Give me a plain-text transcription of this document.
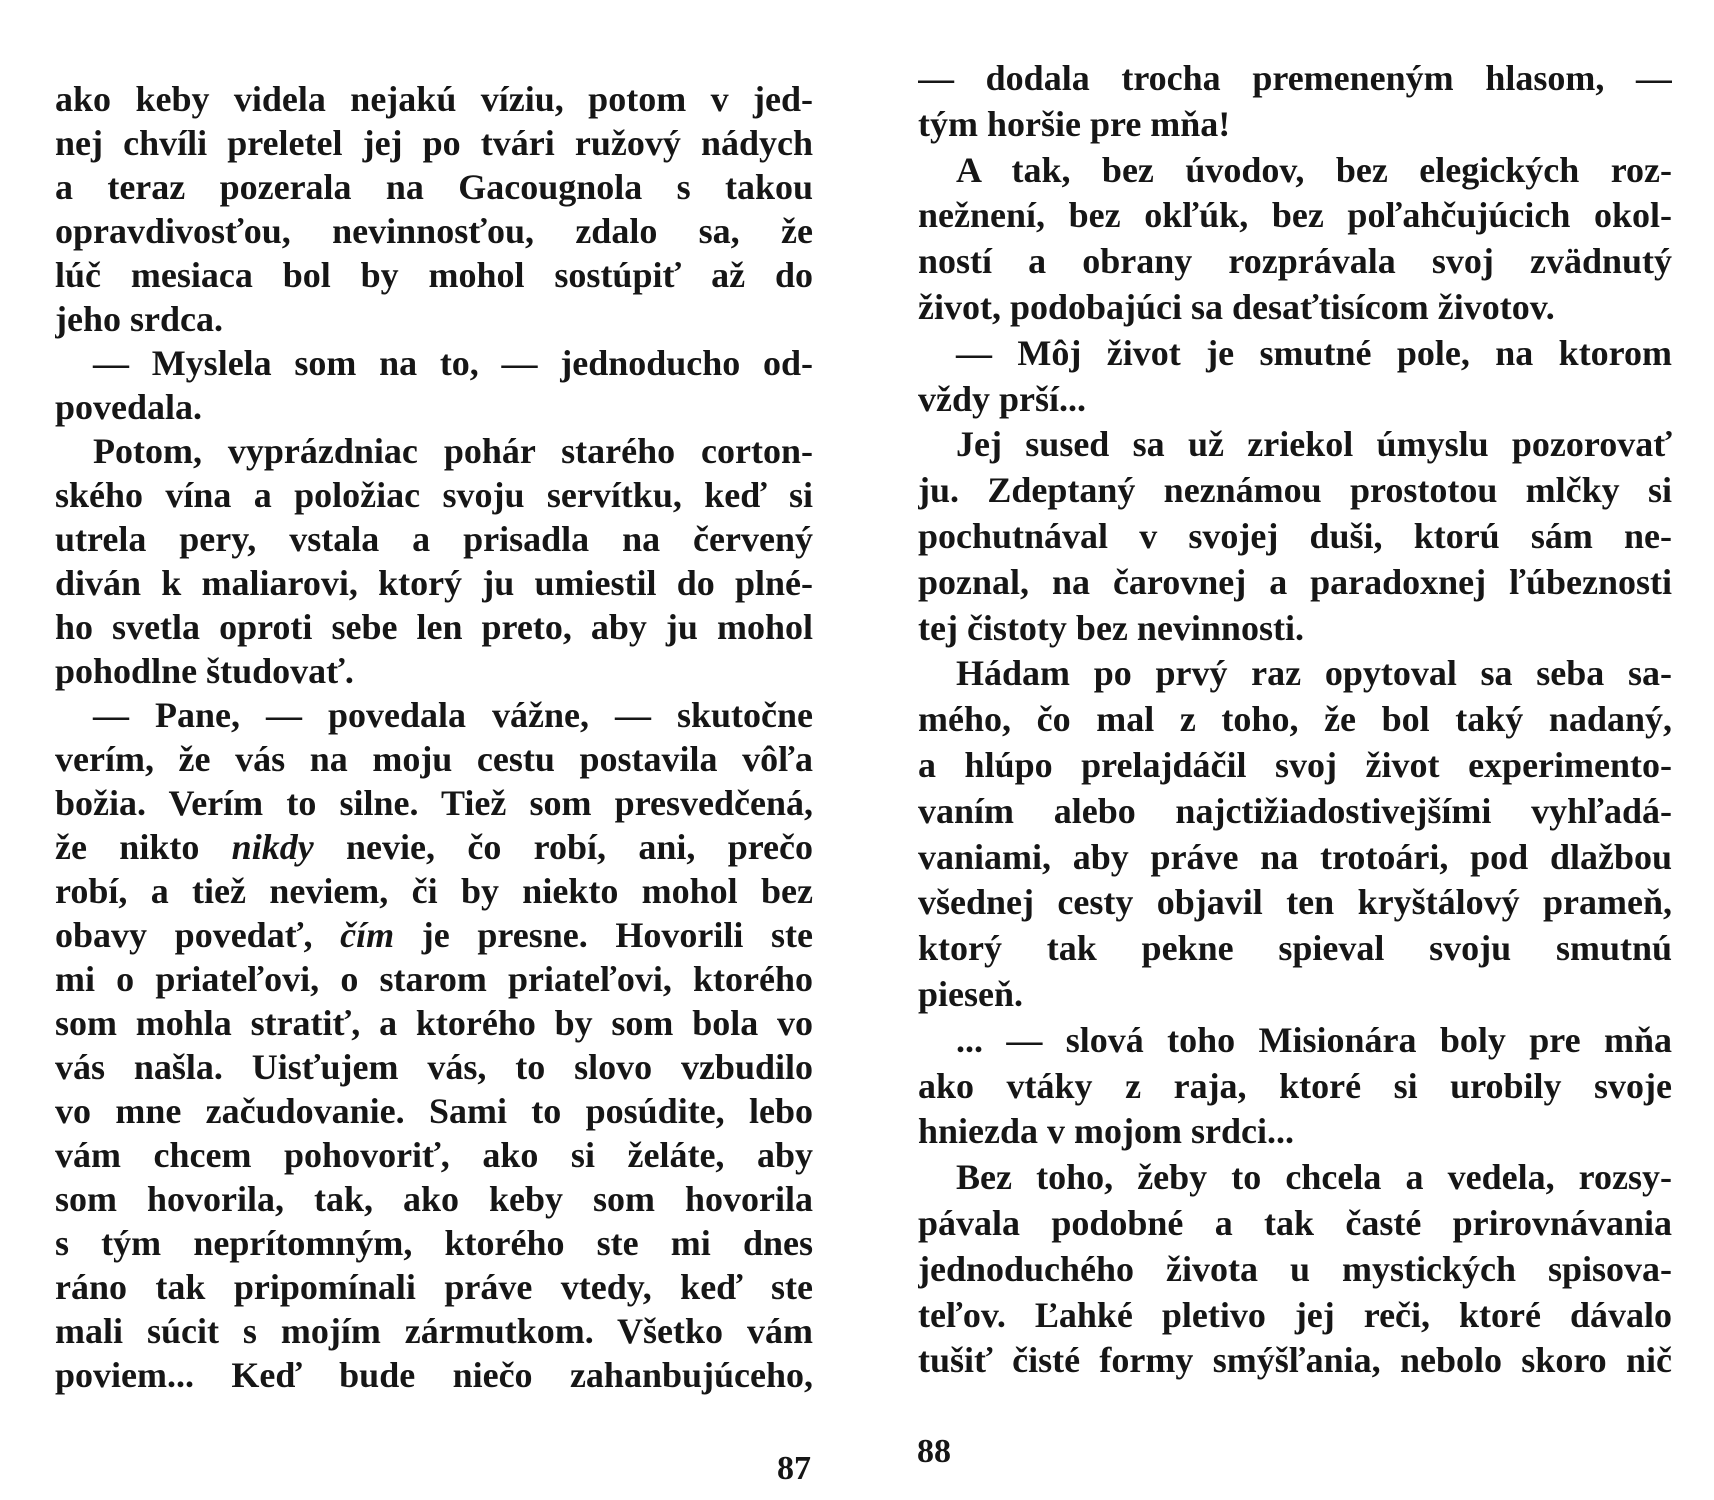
ako keby videla nejakú víziu, potom v jed-
nej chvíli preletel jej po tvári ružový nádych
a teraz pozerala na Gacougnola s takou
opravdivosťou, nevinnosťou, zdalo sa, že
lúč mesiaca bol by mohol sostúpiť až do
jeho srdca.
— Myslela som na to, — jednoducho od-
povedala.
Potom, vyprázdniac pohár starého corton-
ského vína a položiac svoju servítku, keď si
utrela pery, vstala a prisadla na červený
diván k maliarovi, ktorý ju umiestil do plné-
ho svetla oproti sebe len preto, aby ju mohol
pohodlne študovať.
— Pane, — povedala vážne, — skutočne
verím, že vás na moju cestu postavila vôľa
božia. Verím to silne. Tiež som presvedčená,
že nikto nikdy nevie, čo robí, ani, prečo
robí, a tiež neviem, či by niekto mohol bez
obavy povedať, čím je presne. Hovorili ste
mi o priateľovi, o starom priateľovi, ktorého
som mohla stratiť, a ktorého by som bola vo
vás našla. Uisťujem vás, to slovo vzbudilo
vo mne začudovanie. Sami to posúdite, lebo
vám chcem pohovoriť, ako si želáte, aby
som hovorila, tak, ako keby som hovorila
s tým neprítomným, ktorého ste mi dnes
ráno tak pripomínali práve vtedy, keď ste
mali súcit s mojím zármutkom. Všetko vám
poviem... Keď bude niečo zahanbujúceho,
87
— dodala trocha premeneným hlasom, —
tým horšie pre mňa!
A tak, bez úvodov, bez elegických roz-
nežnení, bez okľúk, bez poľahčujúcich okol-
ností a obrany rozprávala svoj zvädnutý
život, podobajúci sa desaťtisícom životov.
— Môj život je smutné pole, na ktorom
vždy prší...
Jej sused sa už zriekol úmyslu pozorovať
ju. Zdeptaný neznámou prostotou mlčky si
pochutnával v svojej duši, ktorú sám ne-
poznal, na čarovnej a paradoxnej ľúbeznosti
tej čistoty bez nevinnosti.
Hádam po prvý raz opytoval sa seba sa-
mého, čo mal z toho, že bol taký nadaný,
a hlúpo prelajdáčil svoj život experimento-
vaním alebo najctižiadostivejšími vyhľadá-
vaniami, aby práve na trotoári, pod dlažbou
všednej cesty objavil ten kryštálový prameň,
ktorý tak pekne spieval svoju smutnú
pieseň.
... — slová toho Misionára boly pre mňa
ako vtáky z raja, ktoré si urobily svoje
hniezda v mojom srdci...
Bez toho, žeby to chcela a vedela, rozsy-
pávala podobné a tak časté prirovnávania
jednoduchého života u mystických spisova-
teľov. Ľahké pletivo jej reči, ktoré dávalo
tušiť čisté formy smýšľania, nebolo skoro nič
88
